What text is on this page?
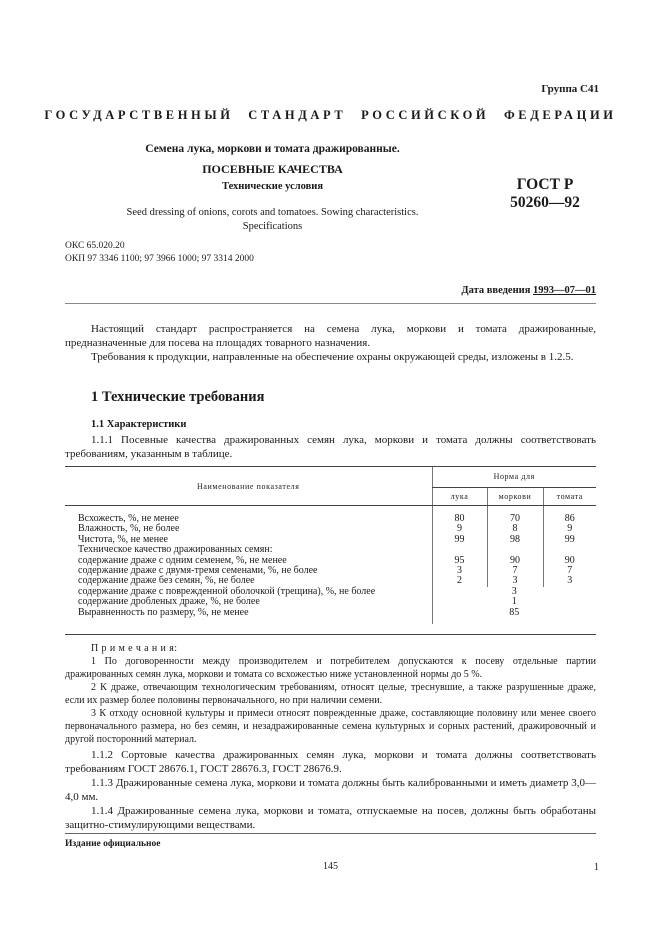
Группа С41
ГОСУДАРСТВЕННЫЙ СТАНДАРТ РОССИЙСКОЙ ФЕДЕРАЦИИ
Семена лука, моркови и томата дражированные.
ПОСЕВНЫЕ КАЧЕСТВА
Технические условия
Seed dressing of onions, corots and tomatoes. Sowing characteristics.
Specifications
ГОСТ Р
50260—92
ОКС 65.020.20
ОКП 97 3346 1100; 97 3966 1000; 97 3314 2000
Дата введения 1993—07—01
Настоящий стандарт распространяется на семена лука, моркови и томата дражированные, предназначенные для посева на площадях товарного назначения.
Требования к продукции, направленные на обеспечение охраны окружающей среды, изложены в 1.2.5.
1 Технические требования
1.1 Характеристики
1.1.1 Посевные качества дражированных семян лука, моркови и томата должны соответствовать требованиям, указанным в таблице.
Наименование показателя	Норма для		
	лука	моркови	томата

Всхожесть, %, не менее	80	70	86
Влажность, %, не более	9	8	9
Чистота, %, не менее	99	98	99
Техническое качество дражированных семян:			
содержание драже с одним семенем, %, не менее	95	90	90
содержание драже с двумя-тремя семенами, %, не более	3	7	7
содержание драже без семян, %, не более	2	3	3
содержание драже с поврежденной оболочкой (трещина), %, не более	3		
содержание дробленых драже, %, не более	1		
Выравненность по размеру, %, не менее	85		

П р и м е ч а н и я:
1 По договоренности между производителем и потребителем допускаются к посеву отдельные партии дражированных семян лука, моркови и томата со всхожестью ниже установленной нормы до 5 %.
2 К драже, отвечающим технологическим требованиям, относят целые, треснувшие, а также разрушенные драже, если их размер более половины первоначального, но при наличии семени.
3 К отходу основной культуры и примеси относят поврежденные драже, составляющие половину или менее своего первоначального размера, но без семян, и незадражированные семена культурных и сорных растений, дражировочный и другой посторонний материал.
1.1.2 Сортовые качества дражированных семян лука, моркови и томата должны соответствовать требованиям ГОСТ 28676.1, ГОСТ 28676.3, ГОСТ 28676.9.
1.1.3 Дражированные семена лука, моркови и томата должны быть калиброванными и иметь диаметр 3,0—4,0 мм.
1.1.4 Дражированные семена лука, моркови и томата, отпускаемые на посев, должны быть обработаны защитно-стимулирующими веществами.
Издание официальное
145	1
